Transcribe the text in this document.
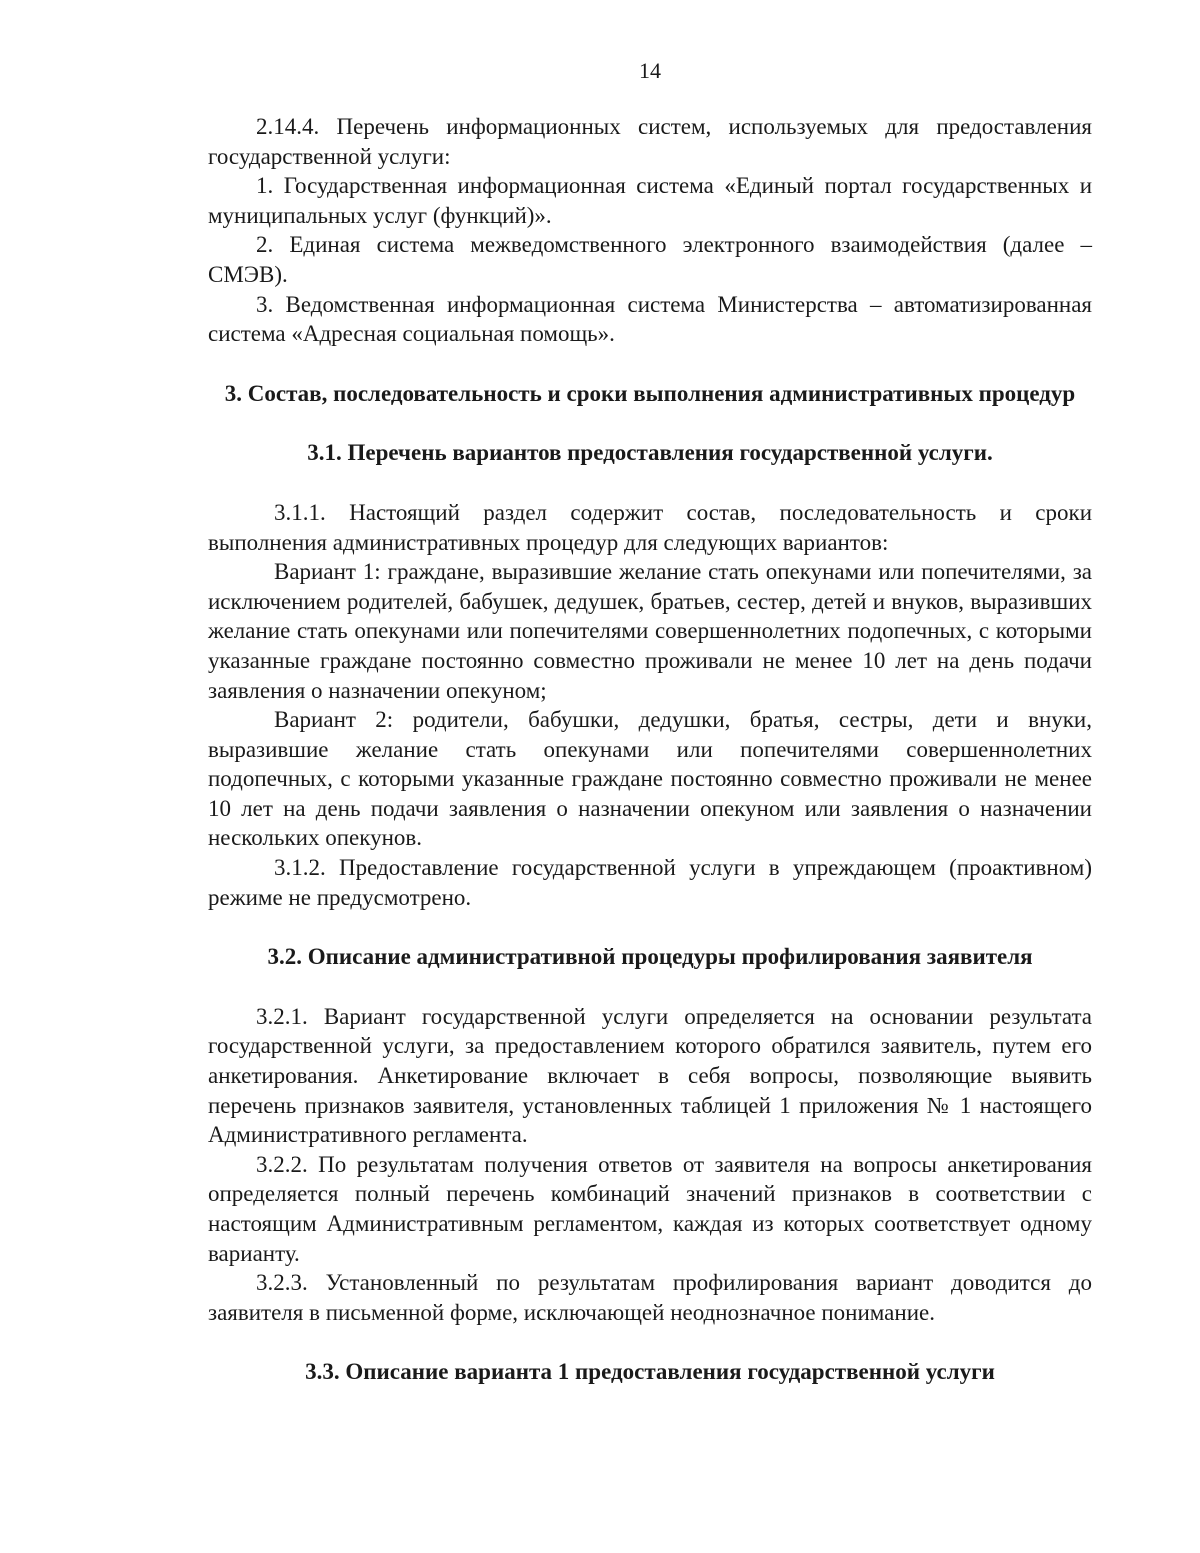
14

2.14.4. Перечень информационных систем, используемых для предоставления государственной услуги:

1. Государственная информационная система «Единый портал государственных и муниципальных услуг (функций)».

2. Единая система межведомственного электронного взаимодействия (далее – СМЭВ).

3. Ведомственная информационная система Министерства – автоматизированная система «Адресная социальная помощь».

3. Состав, последовательность и сроки выполнения административных процедур
3.1. Перечень вариантов предоставления государственной услуги.

3.1.1. Настоящий раздел содержит состав, последовательность и сроки выполнения административных процедур для следующих вариантов:

Вариант 1: граждане, выразившие желание стать опекунами или попечителями, за исключением родителей, бабушек, дедушек, братьев, сестер, детей и внуков, выразивших желание стать опекунами или попечителями совершеннолетних подопечных, с которыми указанные граждане постоянно совместно проживали не менее 10 лет на день подачи заявления о назначении опекуном;

Вариант 2: родители, бабушки, дедушки, братья, сестры, дети и внуки, выразившие желание стать опекунами или попечителями совершеннолетних подопечных, с которыми указанные граждане постоянно совместно проживали не менее 10 лет на день подачи заявления о назначении опекуном или заявления о назначении нескольких опекунов.

3.1.2. Предоставление государственной услуги в упреждающем (проактивном) режиме не предусмотрено.

3.2. Описание административной процедуры профилирования заявителя

3.2.1. Вариант государственной услуги определяется на основании результата государственной услуги, за предоставлением которого обратился заявитель, путем его анкетирования. Анкетирование включает в себя вопросы, позволяющие выявить перечень признаков заявителя, установленных таблицей 1 приложения № 1 настоящего Административного регламента.

3.2.2. По результатам получения ответов от заявителя на вопросы анкетирования определяется полный перечень комбинаций значений признаков в соответствии с настоящим Административным регламентом, каждая из которых соответствует одному варианту.

3.2.3. Установленный по результатам профилирования вариант доводится до заявителя в письменной форме, исключающей неоднозначное понимание.

3.3. Описание варианта 1 предоставления государственной услуги
